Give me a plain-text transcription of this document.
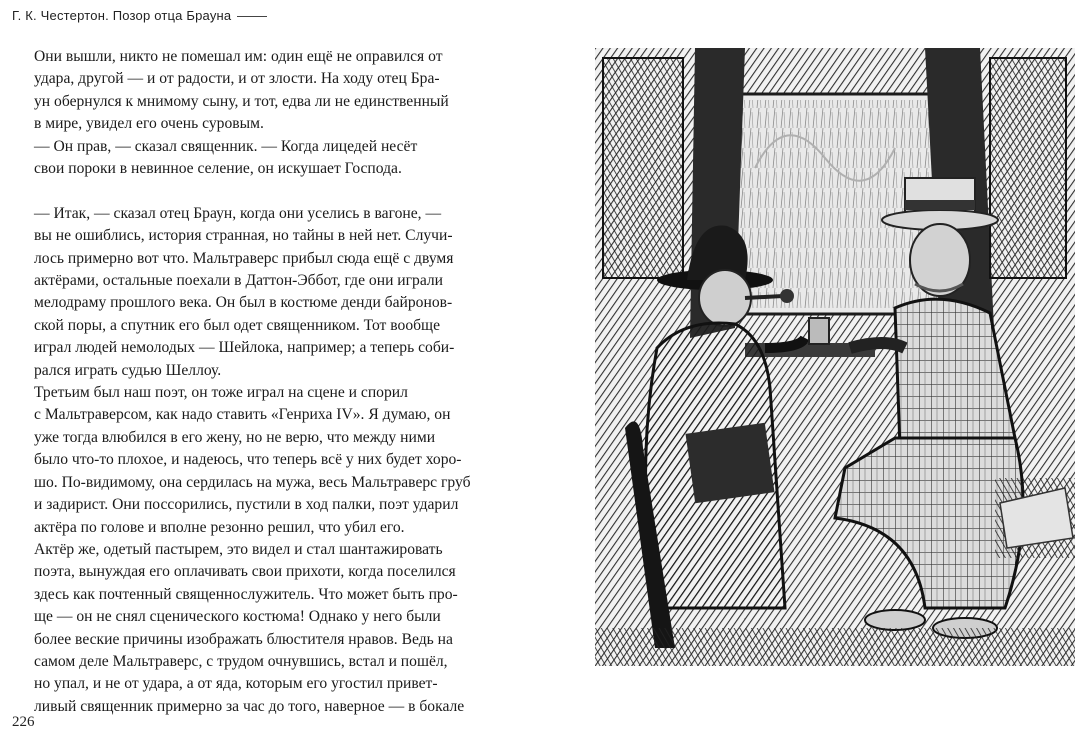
Г. К. Честертон. Позор отца Брауна

Они вышли, никто не помешал им: один ещё не оправился от
удара, другой — и от радости, и от злости. На ходу отец Бра-
ун обернулся к мнимому сыну, и тот, едва ли не единственный
в мире, увидел его очень суровым.

— Он прав, — сказал священник. — Когда лицедей несёт
свои пороки в невинное селение, он искушает Господа.

— Итак, — сказал отец Браун, когда они уселись в вагоне, —
вы не ошиблись, история странная, но тайны в ней нет. Случи-
лось примерно вот что. Мальтраверс прибыл сюда ещё с двумя
актёрами, остальные поехали в Даттон-Эббот, где они играли
мелодраму прошлого века. Он был в костюме денди байронов-
ской поры, а спутник его был одет священником. Тот вообще
играл людей немолодых — Шейлока, например; а теперь соби-
рался играть судью Шеллоу.

Третьим был наш поэт, он тоже играл на сцене и спорил
с Мальтраверсом, как надо ставить «Генриха IV». Я думаю, он
уже тогда влюбился в его жену, но не верю, что между ними
было что-то плохое, и надеюсь, что теперь всё у них будет хоро-
шо. По-видимому, она сердилась на мужа, весь Мальтраверс груб
и задирист. Они поссорились, пустили в ход палки, поэт ударил
актёра по голове и вполне резонно решил, что убил его.

Актёр же, одетый пастырем, это видел и стал шантажировать
поэта, вынуждая его оплачивать свои прихоти, когда поселился
здесь как почтенный священнослужитель. Что может быть про-
ще — он не снял сценического костюма! Однако у него были
более веские причины изображать блюстителя нравов. Ведь на
самом деле Мальтраверс, с трудом очнувшись, встал и пошёл,
но упал, и не от удара, а от яда, которым его угостил привет-
ливый священник примерно за час до того, наверное — в бокале

226
